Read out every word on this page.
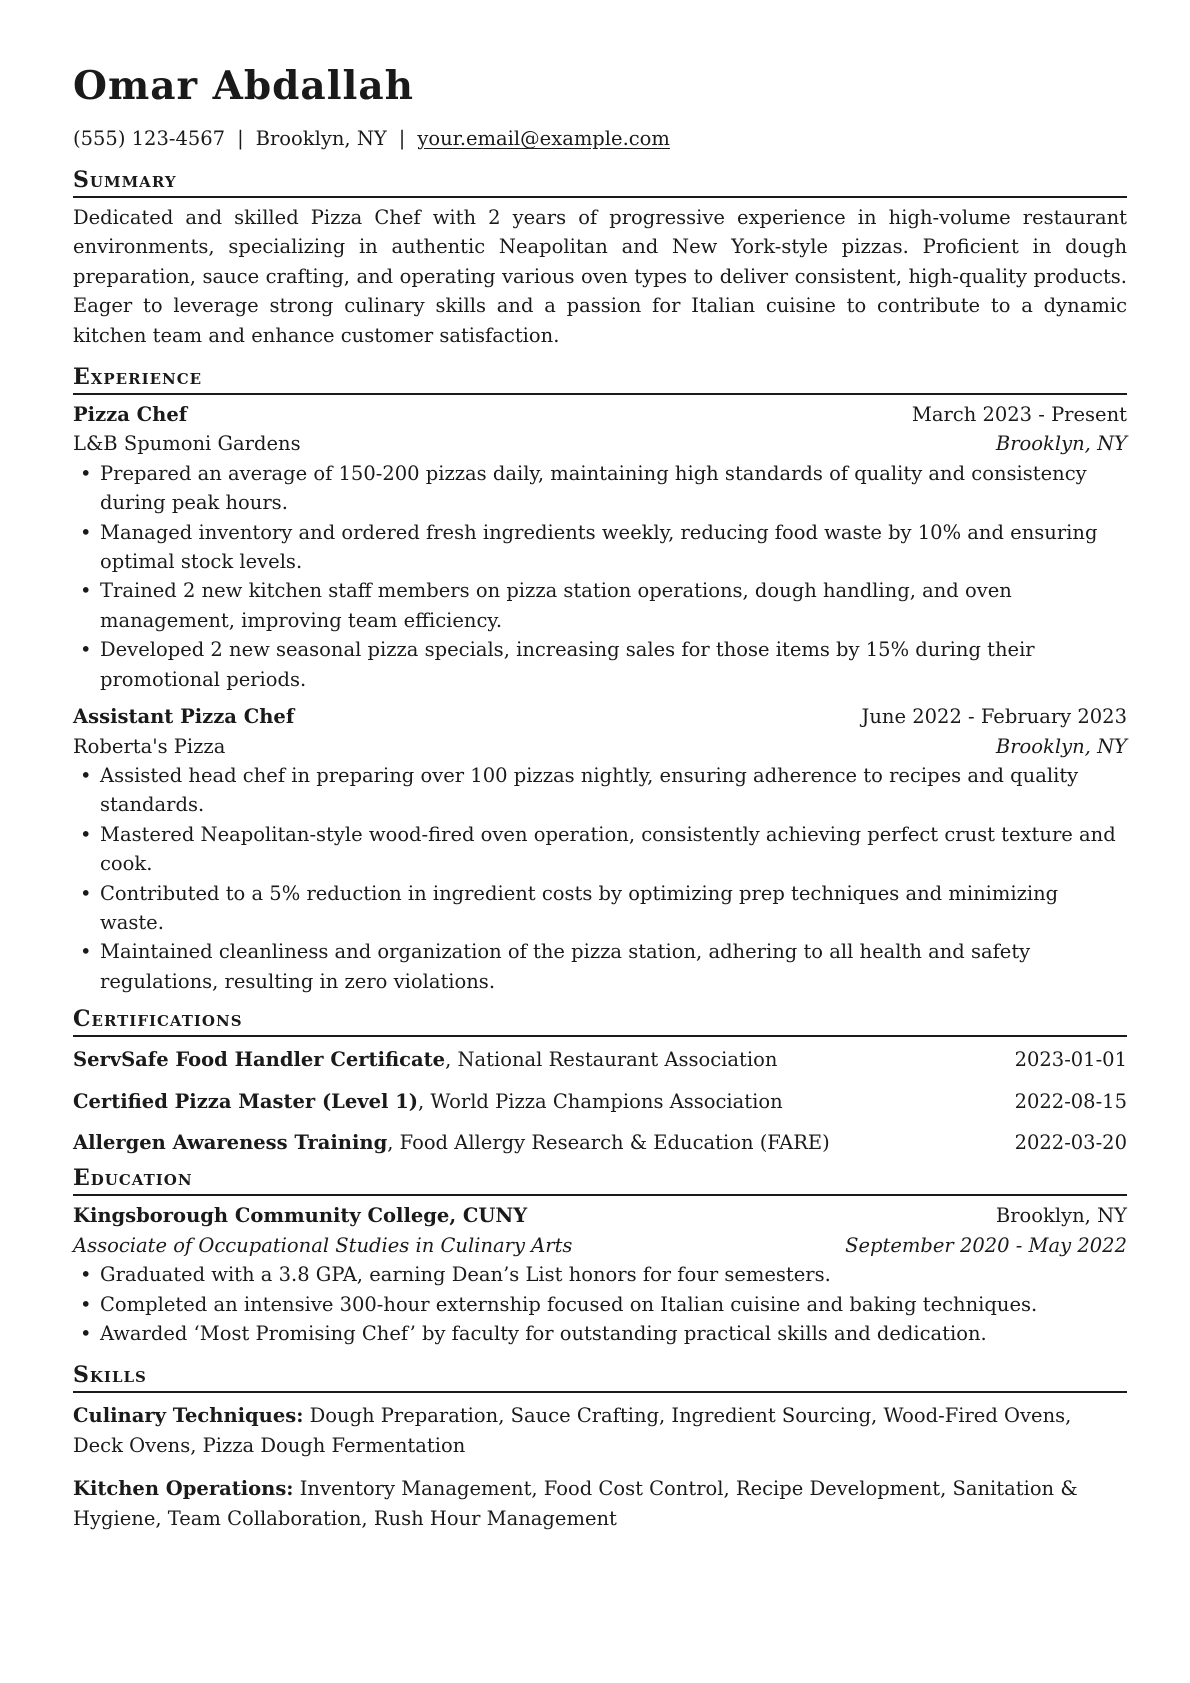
Omar Abdallah
(555) 123-4567 | Brooklyn, NY | your.email@example.com
Summary
Dedicated and skilled Pizza Chef with 2 years of progressive experience in high-volume restaurant environments, specializing in authentic Neapolitan and New York-style pizzas. Proficient in dough preparation, sauce crafting, and operating various oven types to deliver consistent, high-quality products. Eager to leverage strong culinary skills and a passion for Italian cuisine to contribute to a dynamic kitchen team and enhance customer satisfaction.
Experience
Pizza Chef	March 2023 - Present
L&B Spumoni Gardens	Brooklyn, NY
• Prepared an average of 150-200 pizzas daily, maintaining high standards of quality and consistency during peak hours.
• Managed inventory and ordered fresh ingredients weekly, reducing food waste by 10% and ensuring optimal stock levels.
• Trained 2 new kitchen staff members on pizza station operations, dough handling, and oven management, improving team efficiency.
• Developed 2 new seasonal pizza specials, increasing sales for those items by 15% during their promotional periods.
Assistant Pizza Chef	June 2022 - February 2023
Roberta's Pizza	Brooklyn, NY
• Assisted head chef in preparing over 100 pizzas nightly, ensuring adherence to recipes and quality standards.
• Mastered Neapolitan-style wood-fired oven operation, consistently achieving perfect crust texture and cook.
• Contributed to a 5% reduction in ingredient costs by optimizing prep techniques and minimizing waste.
• Maintained cleanliness and organization of the pizza station, adhering to all health and safety regulations, resulting in zero violations.
Certifications
ServSafe Food Handler Certificate, National Restaurant Association	2023-01-01
Certified Pizza Master (Level 1), World Pizza Champions Association	2022-08-15
Allergen Awareness Training, Food Allergy Research & Education (FARE)	2022-03-20
Education
Kingsborough Community College, CUNY	Brooklyn, NY
Associate of Occupational Studies in Culinary Arts	September 2020 - May 2022
• Graduated with a 3.8 GPA, earning Dean’s List honors for four semesters.
• Completed an intensive 300-hour externship focused on Italian cuisine and baking techniques.
• Awarded ‘Most Promising Chef’ by faculty for outstanding practical skills and dedication.
Skills
Culinary Techniques: Dough Preparation, Sauce Crafting, Ingredient Sourcing, Wood-Fired Ovens, Deck Ovens, Pizza Dough Fermentation
Kitchen Operations: Inventory Management, Food Cost Control, Recipe Development, Sanitation & Hygiene, Team Collaboration, Rush Hour Management
